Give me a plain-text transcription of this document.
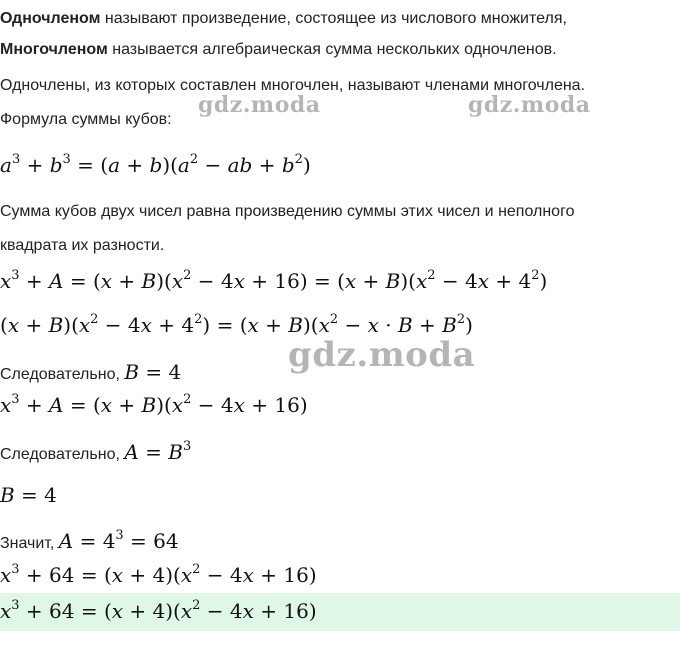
gdz.moda	gdz.moda
gdz.moda
Одночленом называют произведение, состоящее из числового множителя,
Многочленом называется алгебраическая сумма нескольких одночленов.
Одночлены, из которых составлен многочлен, называют членами многочлена.
Формула суммы кубов:
$a^3 + b^3 = (a + b)(a^2$ − ab + $b^2$)
Сумма кубов двух чисел равна произведению суммы этих чисел и неполного
квадрата их разности.
$x^3 + A = (x + B)(x^2 - 4x + 16) = (x + B)(x^2 - 4x + 4^2)$
$(x + B)(x^2 - 4x + 4^2) = (x + B)(x^2 - x \cdot B + B^2)$
Следовательно, B = 4
$x^3 + A = (x + B)(x^2 - 4x + 16)$
Следовательно, $A = B^3$
B = 4
Значит, $A = 4^3 = 64$
$x^3 + 64 = (x + 4)(x^2 - 4x + 16)$
$x^3 + 64 = (x + 4)(x^2 - 4x + 16)$
